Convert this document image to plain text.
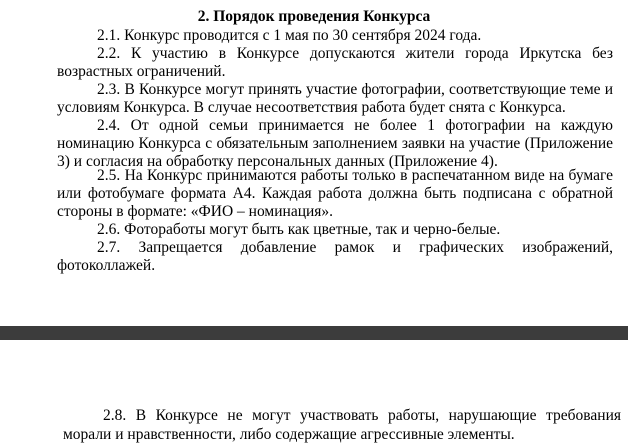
2. Порядок проведения Конкурса

2.1. Конкурс проводится с 1 мая по 30 сентября 2024 года.

2.2. К участию в Конкурсе допускаются жители города Иркутска без возрастных ограничений.

2.3. В Конкурсе могут принять участие фотографии, соответствующие теме и условиям Конкурса. В случае несоответствия работа будет снята с Конкурса.

2.4. От одной семьи принимается не более 1 фотографии на каждую номинацию Конкурса с обязательным заполнением заявки на участие (Приложение 3) и согласия на обработку персональных данных (Приложение 4).

2.5. На Конкурс принимаются работы только в распечатанном виде на бумаге или фотобумаге формата А4. Каждая работа должна быть подписана с обратной стороны в формате: «ФИО – номинация».

2.6. Фотоработы могут быть как цветные, так и черно-белые.

2.7. Запрещается добавление рамок и графических изображений, фотоколлажей.

2.8. В Конкурсе не могут участвовать работы, нарушающие требования морали и нравственности, либо содержащие агрессивные элементы.
